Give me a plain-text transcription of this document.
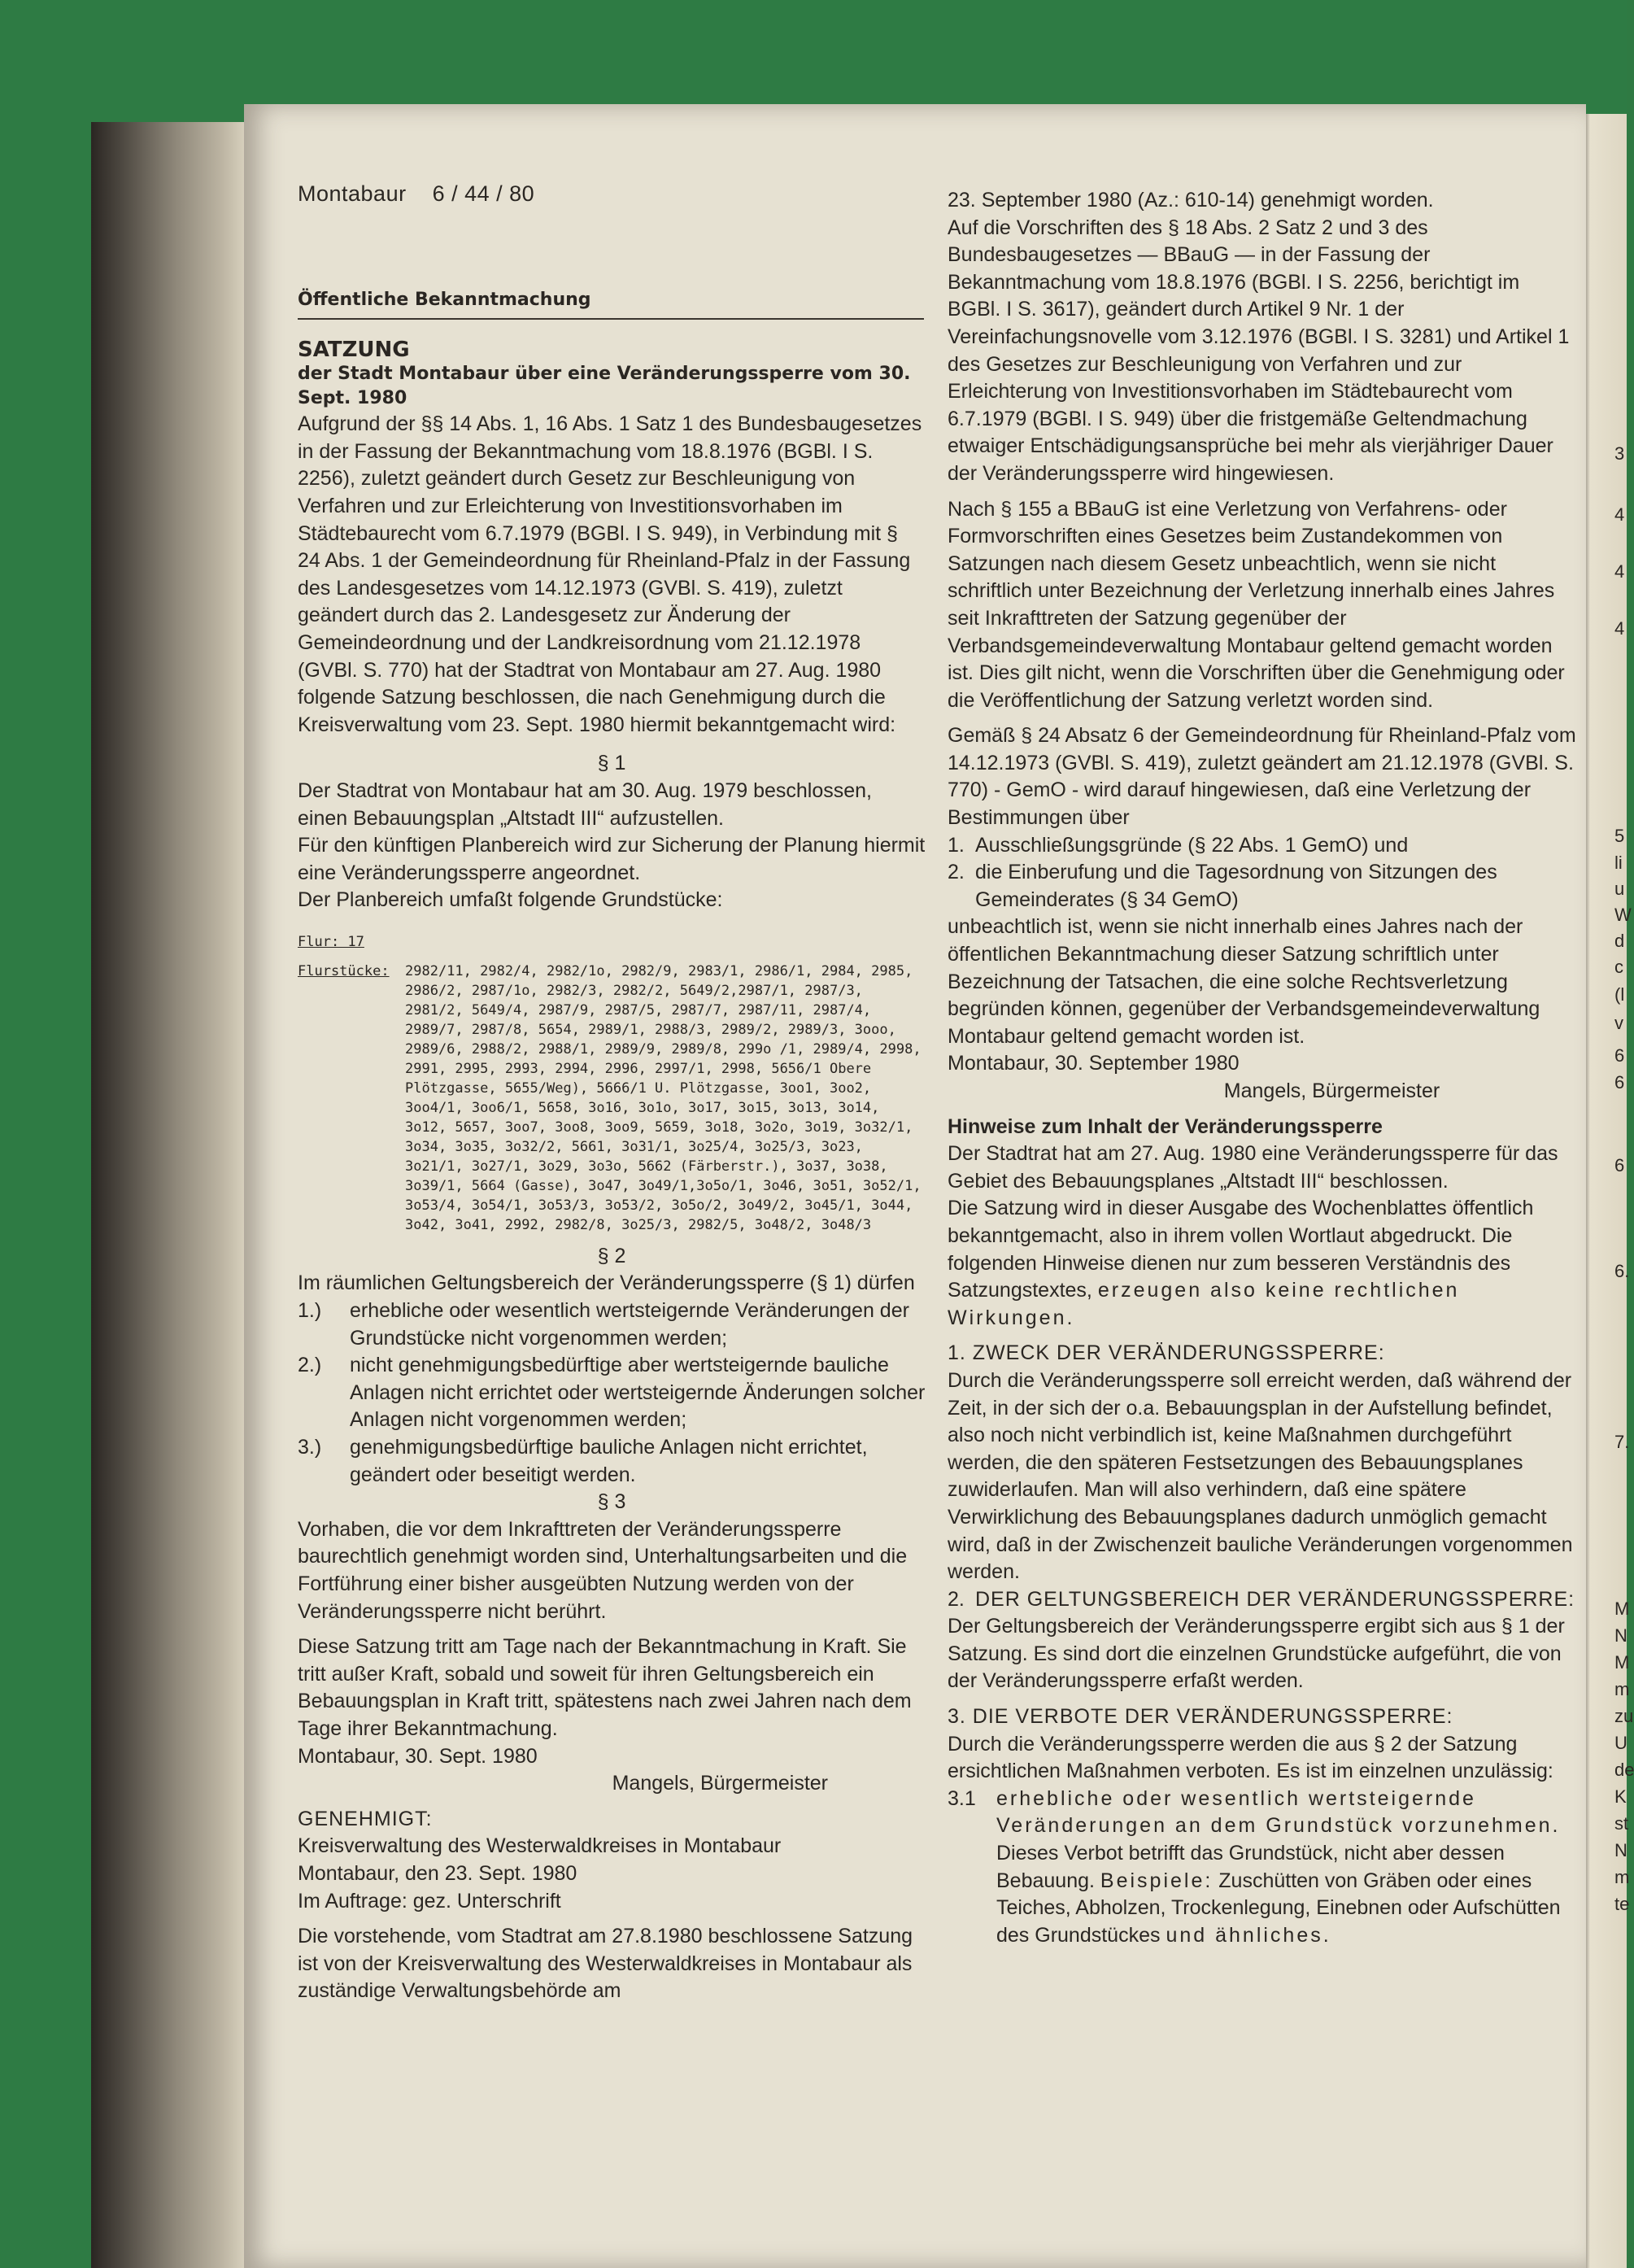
Montabaur    6 / 44 / 80

Öffentliche Bekanntmachung
SATZUNG
der Stadt Montabaur über eine Veränderungssperre vom 30. Sept. 1980

Aufgrund der §§ 14 Abs. 1, 16 Abs. 1 Satz 1 des Bundesbaugesetzes in der Fassung der Bekanntmachung vom 18.8.1976 (BGBl. I S. 2256), zuletzt geändert durch Gesetz zur Beschleunigung von Verfahren und zur Erleichterung von Investitionsvorhaben im Städtebaurecht vom 6.7.1979 (BGBl. I S. 949), in Verbindung mit § 24 Abs. 1 der Gemeindeordnung für Rheinland-Pfalz in der Fassung des Landesgesetzes vom 14.12.1973 (GVBl. S. 419), zuletzt geändert durch das 2. Landesgesetz zur Änderung der Gemeindeordnung und der Landkreisordnung vom 21.12.1978 (GVBl. S. 770) hat der Stadtrat von Montabaur am 27. Aug. 1980 folgende Satzung beschlossen, die nach Genehmigung durch die Kreisverwaltung vom 23. Sept. 1980 hiermit bekanntgemacht wird:

§ 1

Der Stadtrat von Montabaur hat am 30. Aug. 1979 beschlossen, einen Bebauungsplan „Altstadt III“ aufzustellen.

Für den künftigen Planbereich wird zur Sicherung der Planung hiermit eine Veränderungssperre angeordnet.

Der Planbereich umfaßt folgende Grundstücke:

Flur: 17
Flurstücke:	2982/11, 2982/4, 2982/1o, 2982/9, 2983/1, 2986/1, 2984, 2985, 2986/2, 2987/1o, 2982/3, 2982/2, 5649/2,2987/1, 2987/3, 2981/2, 5649/4, 2987/9, 2987/5, 2987/7, 2987/11, 2987/4, 2989/7, 2987/8, 5654, 2989/1, 2988/3, 2989/2, 2989/3, 3ooo, 2989/6, 2988/2, 2988/1, 2989/9, 2989/8, 299o /1, 2989/4, 2998, 2991, 2995, 2993, 2994, 2996, 2997/1, 2998, 5656/1 Obere Plötzgasse, 5655/Weg), 5666/1 U. Plötzgasse, 3oo1, 3oo2, 3oo4/1, 3oo6/1, 5658, 3o16, 3o1o, 3o17, 3o15, 3o13, 3o14, 3o12, 5657, 3oo7, 3oo8, 3oo9, 5659, 3o18, 3o2o, 3o19, 3o32/1, 3o34, 3o35, 3o32/2, 5661, 3o31/1, 3o25/4, 3o25/3, 3o23, 3o21/1, 3o27/1, 3o29, 3o3o, 5662 (Färberstr.), 3o37, 3o38, 3o39/1, 5664 (Gasse), 3o47, 3o49/1,3o5o/1, 3o46, 3o51, 3o52/1, 3o53/4, 3o54/1, 3o53/3, 3o53/2, 3o5o/2, 3o49/2, 3o45/1, 3o44, 3o42, 3o41, 2992, 2982/8, 3o25/3, 2982/5, 3o48/2, 3o48/3

§ 2

Im räumlichen Geltungsbereich der Veränderungssperre (§ 1) dürfen

1.)	erhebliche oder wesentlich wertsteigernde Veränderungen der Grundstücke nicht vorgenommen werden;
2.)	nicht genehmigungsbedürftige aber wertsteigernde bauliche Anlagen nicht errichtet oder wertsteigernde Änderungen solcher Anlagen nicht vorgenommen werden;
3.)	genehmigungsbedürftige bauliche Anlagen nicht errichtet, geändert oder beseitigt werden.

§ 3

Vorhaben, die vor dem Inkrafttreten der Veränderungssperre baurechtlich genehmigt worden sind, Unterhaltungsarbeiten und die Fortführung einer bisher ausgeübten Nutzung werden von der Veränderungssperre nicht berührt.

Diese Satzung tritt am Tage nach der Bekanntmachung in Kraft. Sie tritt außer Kraft, sobald und soweit für ihren Geltungsbereich ein Bebauungsplan in Kraft tritt, spätestens nach zwei Jahren nach dem Tage ihrer Bekanntmachung.

Montabaur, 30. Sept. 1980

Mangels, Bürgermeister

GENEHMIGT:

Kreisverwaltung des Westerwaldkreises in Montabaur

Montabaur, den 23. Sept. 1980

Im Auftrage: gez. Unterschrift

Die vorstehende, vom Stadtrat am 27.8.1980 beschlossene Satzung ist von der Kreisverwaltung des Westerwaldkreises in Montabaur als zuständige Verwaltungsbehörde am

23. September 1980 (Az.: 610-14) genehmigt worden.

Auf die Vorschriften des § 18 Abs. 2 Satz 2 und 3 des Bundesbaugesetzes — BBauG — in der Fassung der Bekanntmachung vom 18.8.1976 (BGBl. I S. 2256, berichtigt im BGBl. I S. 3617), geändert durch Artikel 9 Nr. 1 der Vereinfachungsnovelle vom 3.12.1976 (BGBl. I S. 3281) und Artikel 1 des Gesetzes zur Beschleunigung von Verfahren und zur Erleichterung von Investitionsvorhaben im Städtebaurecht vom 6.7.1979 (BGBl. I S. 949) über die fristgemäße Geltendmachung etwaiger Entschädigungsansprüche bei mehr als vierjähriger Dauer der Veränderungssperre wird hingewiesen.

Nach § 155 a BBauG ist eine Verletzung von Verfahrens- oder Formvorschriften eines Gesetzes beim Zustandekommen von Satzungen nach diesem Gesetz unbeachtlich, wenn sie nicht schriftlich unter Bezeichnung der Verletzung innerhalb eines Jahres seit Inkrafttreten der Satzung gegenüber der Verbandsgemeindeverwaltung Montabaur geltend gemacht worden ist. Dies gilt nicht, wenn die Vorschriften über die Genehmigung oder die Veröffentlichung der Satzung verletzt worden sind.

Gemäß § 24 Absatz 6 der Gemeindeordnung für Rheinland-Pfalz vom 14.12.1973 (GVBl. S. 419), zuletzt geändert am 21.12.1978 (GVBl. S. 770) - GemO - wird darauf hingewiesen, daß eine Verletzung der Bestimmungen über

1. Ausschließungsgründe (§ 22 Abs. 1 GemO) und
2. die Einberufung und die Tagesordnung von Sitzungen des Gemeinderates (§ 34 GemO)

unbeachtlich ist, wenn sie nicht innerhalb eines Jahres nach der öffentlichen Bekanntmachung dieser Satzung schriftlich unter Bezeichnung der Tatsachen, die eine solche Rechtsverletzung begründen können, gegenüber der Verbandsgemeindeverwaltung Montabaur geltend gemacht worden ist.

Montabaur, 30. September 1980

Mangels, Bürgermeister

Hinweise zum Inhalt der Veränderungssperre

Der Stadtrat hat am 27. Aug. 1980 eine Veränderungssperre für das Gebiet des Bebauungsplanes „Altstadt III“ beschlossen.

Die Satzung wird in dieser Ausgabe des Wochenblattes öffentlich bekanntgemacht, also in ihrem vollen Wortlaut abgedruckt. Die folgenden Hinweise dienen nur zum besseren Verständnis des Satzungstextes, erzeugen also keine rechtlichen Wirkungen.

1. ZWECK DER VERÄNDERUNGSSPERRE:

Durch die Veränderungssperre soll erreicht werden, daß während der Zeit, in der sich der o.a. Bebauungsplan in der Aufstellung befindet, also noch nicht verbindlich ist, keine Maßnahmen durchgeführt werden, die den späteren Festsetzungen des Bebauungsplanes zuwiderlaufen. Man will also verhindern, daß eine spätere Verwirklichung des Bebauungsplanes dadurch unmöglich gemacht wird, daß in der Zwischenzeit bauliche Veränderungen vorgenommen werden.

2. DER GELTUNGSBEREICH DER VERÄNDERUNGSSPERRE:

Der Geltungsbereich der Veränderungssperre ergibt sich aus § 1 der Satzung. Es sind dort die einzelnen Grundstücke aufgeführt, die von der Veränderungssperre erfaßt werden.

3. DIE VERBOTE DER VERÄNDERUNGSSPERRE:

Durch die Veränderungssperre werden die aus § 2 der Satzung ersichtlichen Maßnahmen verboten. Es ist im einzelnen unzulässig:

3.1	erhebliche oder wesentlich wertsteigernde Veränderungen an dem Grundstück vorzunehmen. Dieses Verbot betrifft das Grundstück, nicht aber dessen Bebauung. Beispiele: Zuschütten von Gräben oder eines Teiches, Abholzen, Trockenlegung, Einebnen oder Aufschütten des Grundstückes und ähnliches.
3
4
4
4
5
li
u
W
d
c
(l
v
6
6
6
6.
7.
M
N
M
m
zu
U
de
K
st
N
m
te
